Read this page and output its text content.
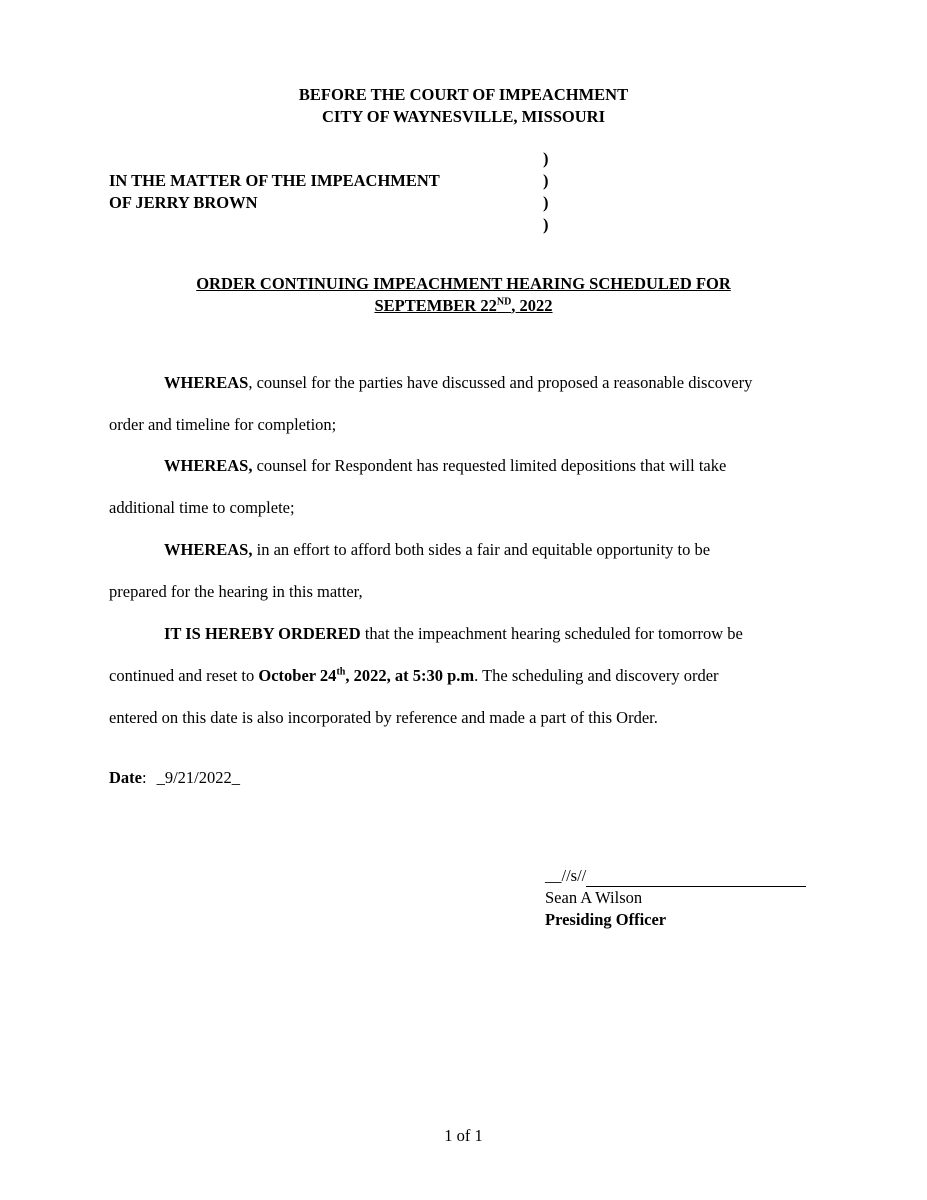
BEFORE THE COURT OF IMPEACHMENT
CITY OF WAYNESVILLE, MISSOURI
IN THE MATTER OF THE IMPEACHMENT
OF JERRY BROWN
)
)
)
)
ORDER CONTINUING IMPEACHMENT HEARING SCHEDULED FOR
SEPTEMBER 22ND, 2022
WHEREAS, counsel for the parties have discussed and proposed a reasonable discovery
order and timeline for completion;
WHEREAS, counsel for Respondent has requested limited depositions that will take
additional time to complete;
WHEREAS, in an effort to afford both sides a fair and equitable opportunity to be
prepared for the hearing in this matter,
IT IS HEREBY ORDERED that the impeachment hearing scheduled for tomorrow be
continued and reset to October 24th, 2022, at 5:30 p.m. The scheduling and discovery order
entered on this date is also incorporated by reference and made a part of this Order.
Date: _9/21/2022_
__//s//
Sean A Wilson
Presiding Officer
1 of 1
